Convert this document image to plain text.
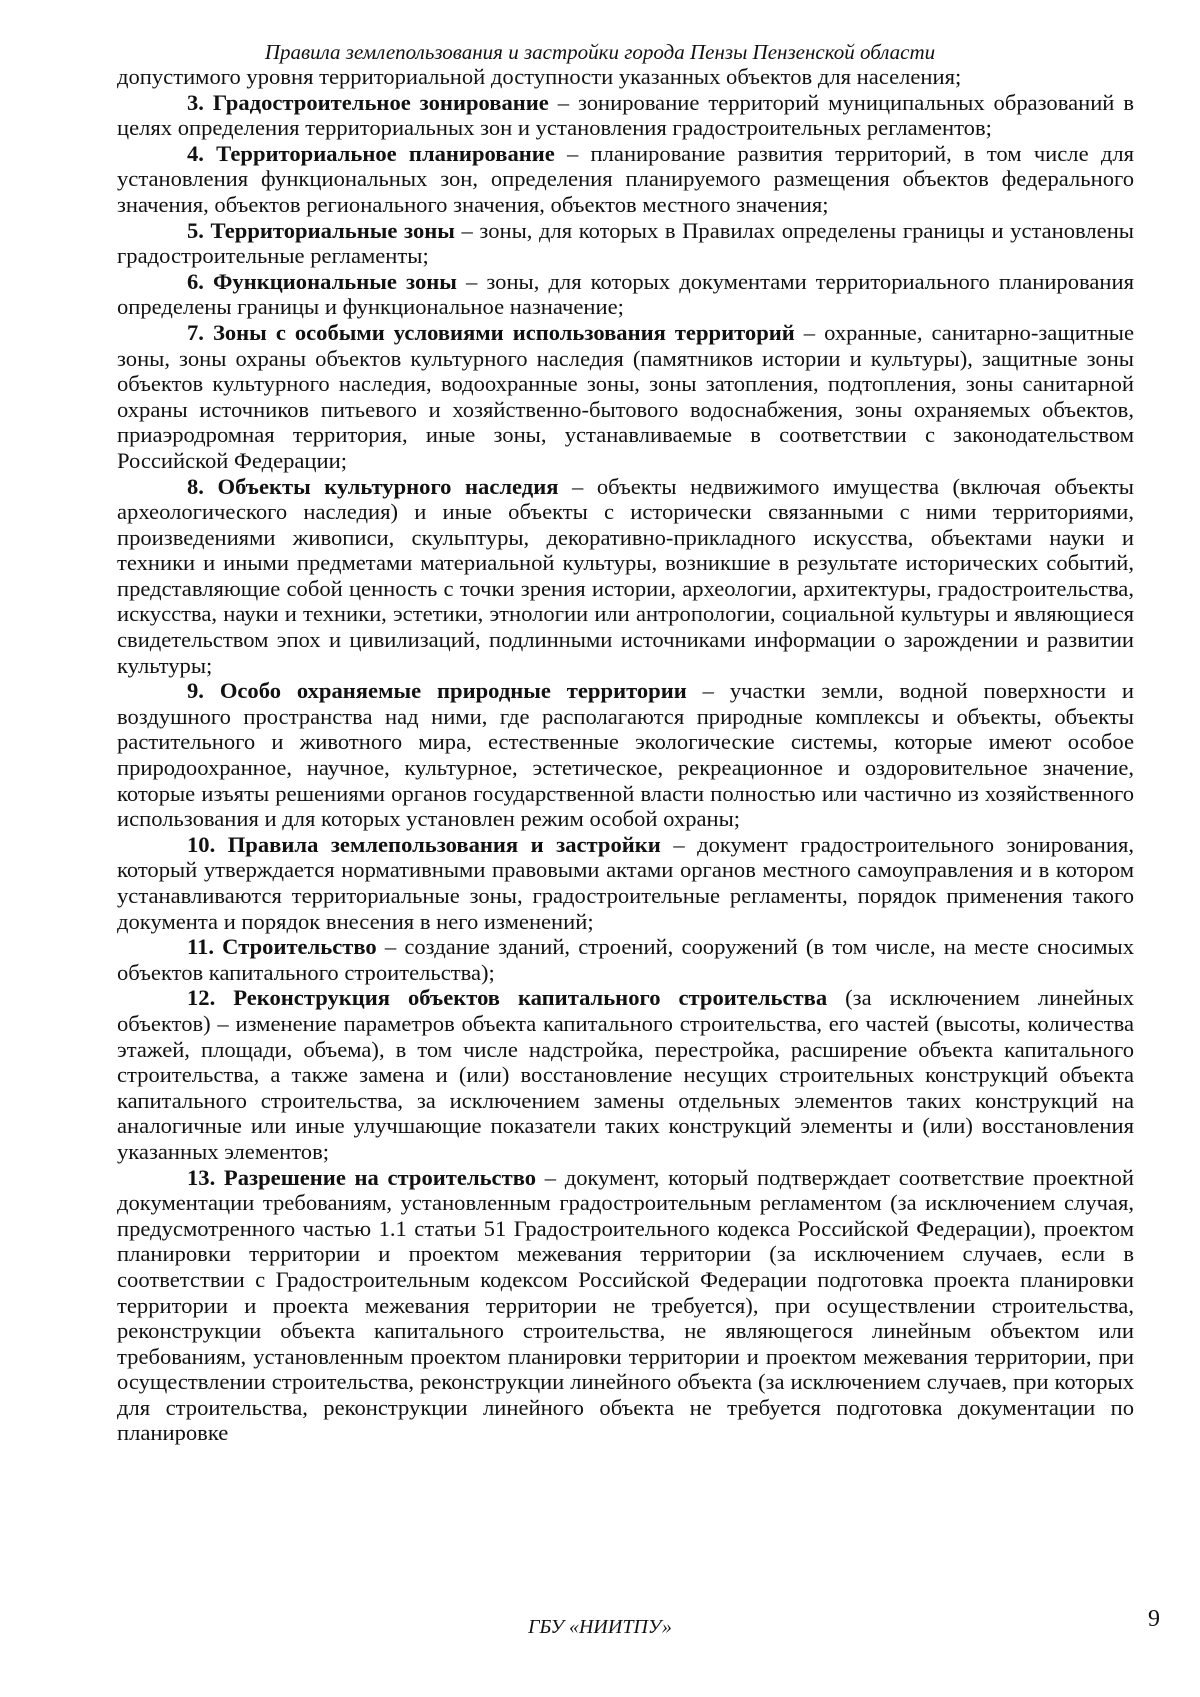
Правила землепользования и застройки города Пензы Пензенской области

допустимого уровня территориальной доступности указанных объектов для населения;

3. Градостроительное зонирование – зонирование территорий муниципальных образований в целях определения территориальных зон и установления градостроительных регламентов;

4. Территориальное планирование – планирование развития территорий, в том числе для установления функциональных зон, определения планируемого размещения объектов федерального значения, объектов регионального значения, объектов местного значения;

5. Территориальные зоны – зоны, для которых в Правилах определены границы и установлены градостроительные регламенты;

6. Функциональные зоны – зоны, для которых документами территориального планирования определены границы и функциональное назначение;

7. Зоны с особыми условиями использования территорий – охранные, санитарно-защитные зоны, зоны охраны объектов культурного наследия (памятников истории и культуры), защитные зоны объектов культурного наследия, водоохранные зоны, зоны затопления, подтопления, зоны санитарной охраны источников питьевого и хозяйственно-бытового водоснабжения, зоны охраняемых объектов, приаэродромная территория, иные зоны, устанавливаемые в соответствии с законодательством Российской Федерации;

8. Объекты культурного наследия – объекты недвижимого имущества (включая объекты археологического наследия) и иные объекты с исторически связанными с ними территориями, произведениями живописи, скульптуры, декоративно-прикладного искусства, объектами науки и техники и иными предметами материальной культуры, возникшие в результате исторических событий, представляющие собой ценность с точки зрения истории, археологии, архитектуры, градостроительства, искусства, науки и техники, эстетики, этнологии или антропологии, социальной культуры и являющиеся свидетельством эпох и цивилизаций, подлинными источниками информации о зарождении и развитии культуры;

9. Особо охраняемые природные территории – участки земли, водной поверхности и воздушного пространства над ними, где располагаются природные комплексы и объекты, объекты растительного и животного мира, естественные экологические системы, которые имеют особое природоохранное, научное, культурное, эстетическое, рекреационное и оздоровительное значение, которые изъяты решениями органов государственной власти полностью или частично из хозяйственного использования и для которых установлен режим особой охраны;

10. Правила землепользования и застройки – документ градостроительного зонирования, который утверждается нормативными правовыми актами органов местного самоуправления и в котором устанавливаются территориальные зоны, градостроительные регламенты, порядок применения такого документа и порядок внесения в него изменений;

11. Строительство – создание зданий, строений, сооружений (в том числе, на месте сносимых объектов капитального строительства);

12. Реконструкция объектов капитального строительства (за исключением линейных объектов) – изменение параметров объекта капитального строительства, его частей (высоты, количества этажей, площади, объема), в том числе надстройка, перестройка, расширение объекта капитального строительства, а также замена и (или) восстановление несущих строительных конструкций объекта капитального строительства, за исключением замены отдельных элементов таких конструкций на аналогичные или иные улучшающие показатели таких конструкций элементы и (или) восстановления указанных элементов;

13. Разрешение на строительство – документ, который подтверждает соответствие проектной документации требованиям, установленным градостроительным регламентом (за исключением случая, предусмотренного частью 1.1 статьи 51 Градостроительного кодекса Российской Федерации), проектом планировки территории и проектом межевания территории (за исключением случаев, если в соответствии с Градостроительным кодексом Российской Федерации подготовка проекта планировки территории и проекта межевания территории не требуется), при осуществлении строительства, реконструкции объекта капитального строительства, не являющегося линейным объектом или требованиям, установленным проектом планировки территории и проектом межевания территории, при осуществлении строительства, реконструкции линейного объекта (за исключением случаев, при которых для строительства, реконструкции линейного объекта не требуется подготовка документации по планировке

ГБУ «НИИТПУ»	9
